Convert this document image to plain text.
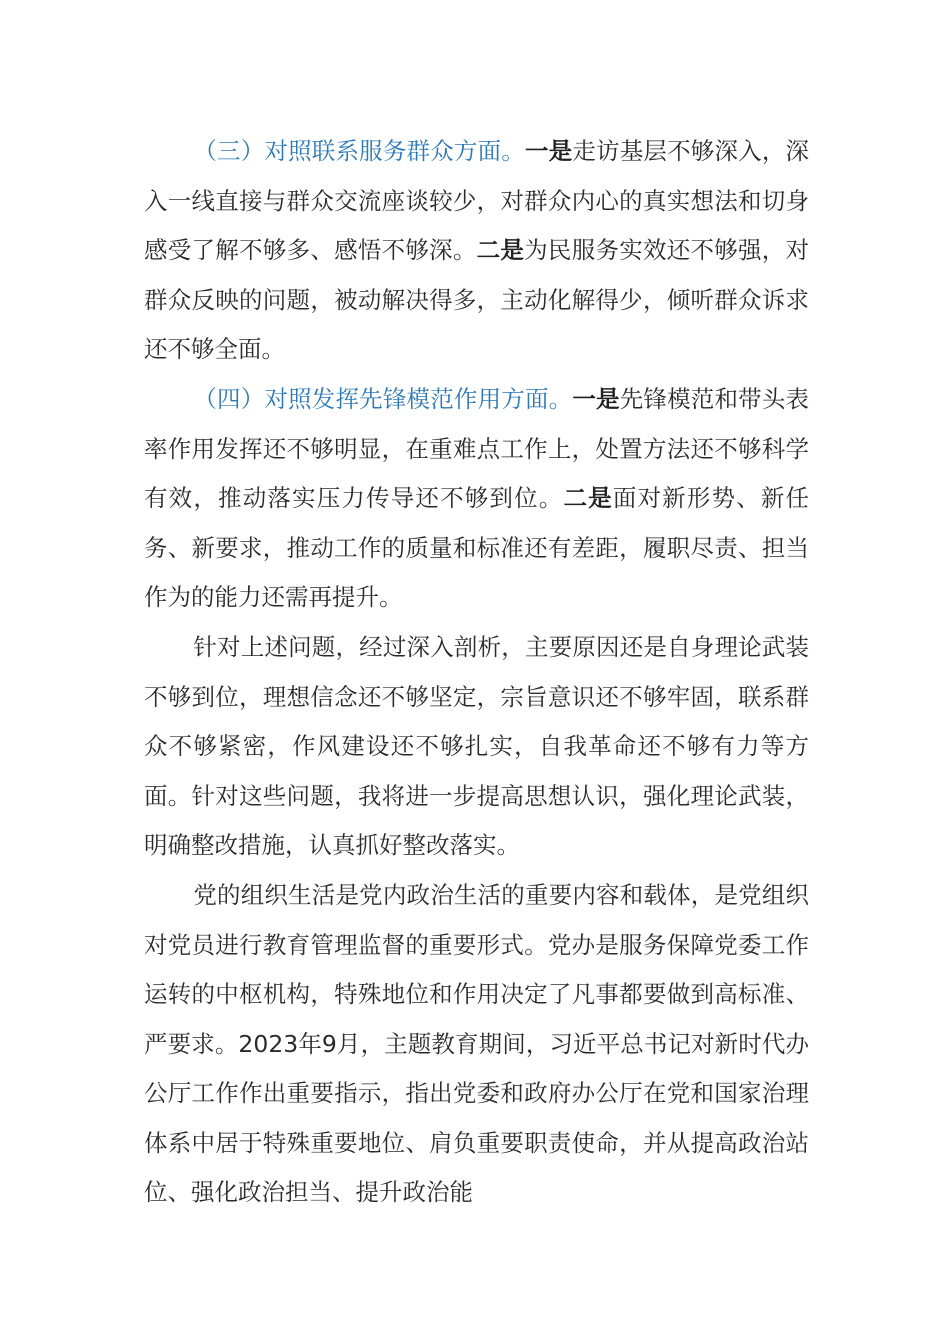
（三）对照联系服务群众方面。一是走访基层不够深入，深入一线直接与群众交流座谈较少，对群众内心的真实想法和切身感受了解不够多、感悟不够深。二是为民服务实效还不够强，对群众反映的问题，被动解决得多，主动化解得少，倾听群众诉求还不够全面。

（四）对照发挥先锋模范作用方面。一是先锋模范和带头表率作用发挥还不够明显，在重难点工作上，处置方法还不够科学有效，推动落实压力传导还不够到位。二是面对新形势、新任务、新要求，推动工作的质量和标准还有差距，履职尽责、担当作为的能力还需再提升。

针对上述问题，经过深入剖析，主要原因还是自身理论武装不够到位，理想信念还不够坚定，宗旨意识还不够牢固，联系群众不够紧密，作风建设还不够扎实，自我革命还不够有力等方面。针对这些问题，我将进一步提高思想认识，强化理论武装，明确整改措施，认真抓好整改落实。

党的组织生活是党内政治生活的重要内容和载体，是党组织对党员进行教育管理监督的重要形式。党办是服务保障党委工作运转的中枢机构，特殊地位和作用决定了凡事都要做到高标准、严要求。2023年9月，主题教育期间，习近平总书记对新时代办公厅工作作出重要指示，指出党委和政府办公厅在党和国家治理体系中居于特殊重要地位、肩负重要职责使命，并从提高政治站位、强化政治担当、提升政治能
